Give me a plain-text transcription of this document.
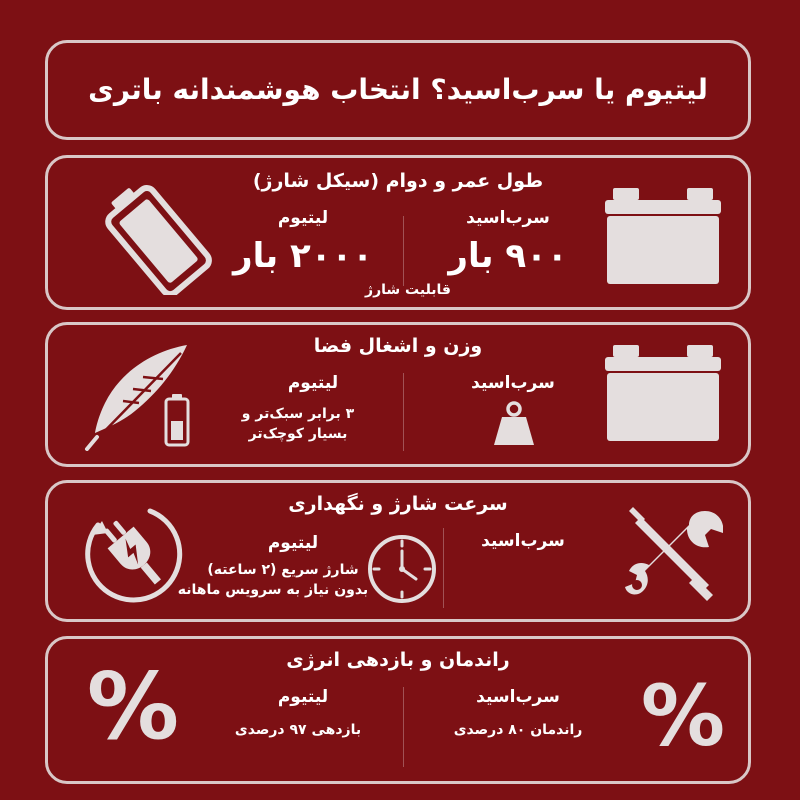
لیتیوم یا سرب‌اسید؟ انتخاب هوشمندانه باتری
طول عمر و دوام (سیکل شارژ)
سرب‌اسید
۹۰۰ بار
لیتیوم
۲۰۰۰ بار
قابلیت شارژ
وزن و اشغال فضا
سرب‌اسید
لیتیوم
۳ برابر سبک‌تر و
بسیار کوچک‌تر
سرعت شارژ و نگهداری
سرب‌اسید
لیتیوم
شارژ سریع (۲ ساعته)
بدون نیاز به سرویس ماهانه
راندمان و بازدهی انرژی
%
سرب‌اسید
راندمان ۸۰ درصدی
لیتیوم
بازدهی ۹۷ درصدی
%
